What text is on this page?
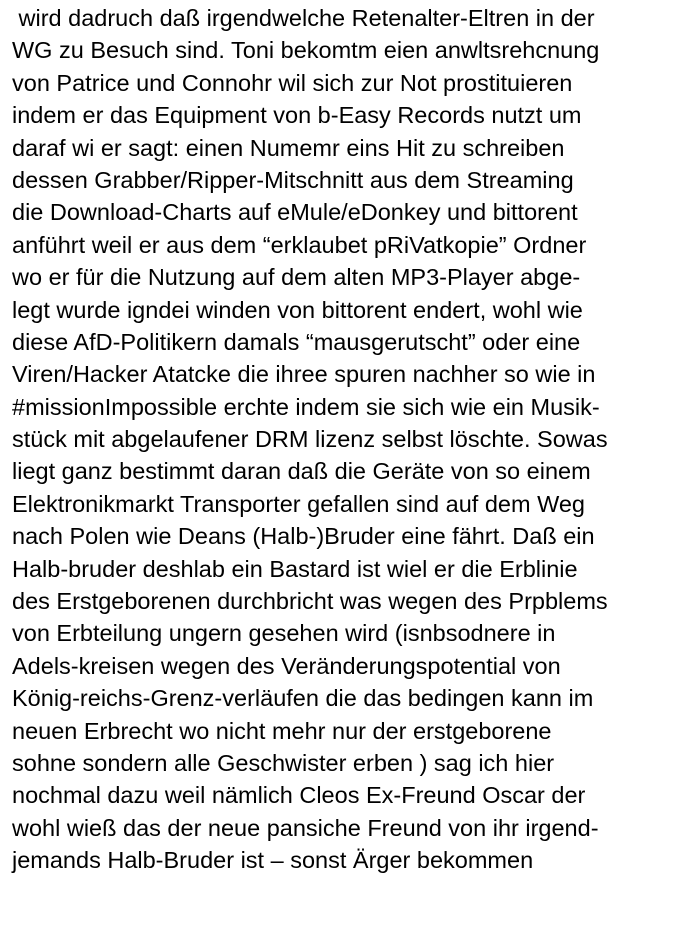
wird dadruch daß irgendwelche Retenalter-Eltren in der
WG zu Besuch sind. Toni bekomtm eien anwltsrehcnung
von Patrice und Connohr wil sich zur Not prostituieren
indem er das Equipment von b-Easy Records nutzt um
daraf wi er sagt: einen Numemr eins Hit zu schreiben
dessen Grabber/Ripper-Mitschnitt aus dem Streaming
die Download-Charts auf eMule/eDonkey und bittorent
anführt weil er aus dem “erklaubet pRiVatkopie” Ordner
wo er für die Nutzung auf dem alten MP3-Player abge-
legt wurde igndei winden von bittorent endert, wohl wie
diese AfD-Politikern damals “mausgerutscht” oder eine
Viren/Hacker Atatcke die ihree spuren nachher so wie in
#missionImpossible erchte indem sie sich wie ein Musik-
stück mit abgelaufener DRM lizenz selbst löschte. Sowas
liegt ganz bestimmt daran daß die Geräte von so einem
Elektronikmarkt Transporter gefallen sind auf dem Weg
nach Polen wie Deans (Halb-)Bruder eine fährt. Daß ein
Halb-bruder deshlab ein Bastard ist wiel er die Erblinie
des Erstgeborenen durchbricht was wegen des Prpblems
von Erbteilung ungern gesehen wird (isnbsodnere in
Adels-kreisen wegen des Veränderungspotential von
König-reichs-Grenz-verläufen die das bedingen kann im
neuen Erbrecht wo nicht mehr nur der erstgeborene
sohne sondern alle Geschwister erben ) sag ich hier
nochmal dazu weil nämlich Cleos Ex-Freund Oscar der
wohl wieß das der neue pansiche Freund von ihr irgend-
jemands Halb-Bruder ist – sonst Ärger bekommen
